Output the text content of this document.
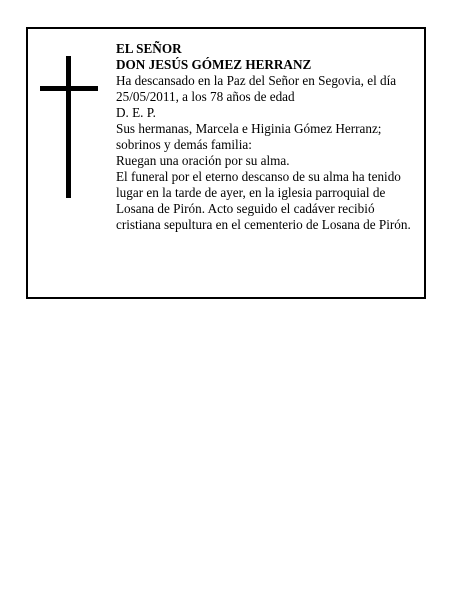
EL SEÑOR
DON JESÚS GÓMEZ HERRANZ
Ha descansado en la Paz del Señor en Segovia, el día
25/05/2011, a los 78 años de edad
D. E. P.
Sus hermanas, Marcela e Higinia Gómez Herranz;
sobrinos y demás familia:
Ruegan una oración por su alma.
El funeral por el eterno descanso de su alma ha tenido
lugar en la tarde de ayer, en la iglesia parroquial de
Losana de Pirón. Acto seguido el cadáver recibió
cristiana sepultura en el cementerio de Losana de Pirón.
